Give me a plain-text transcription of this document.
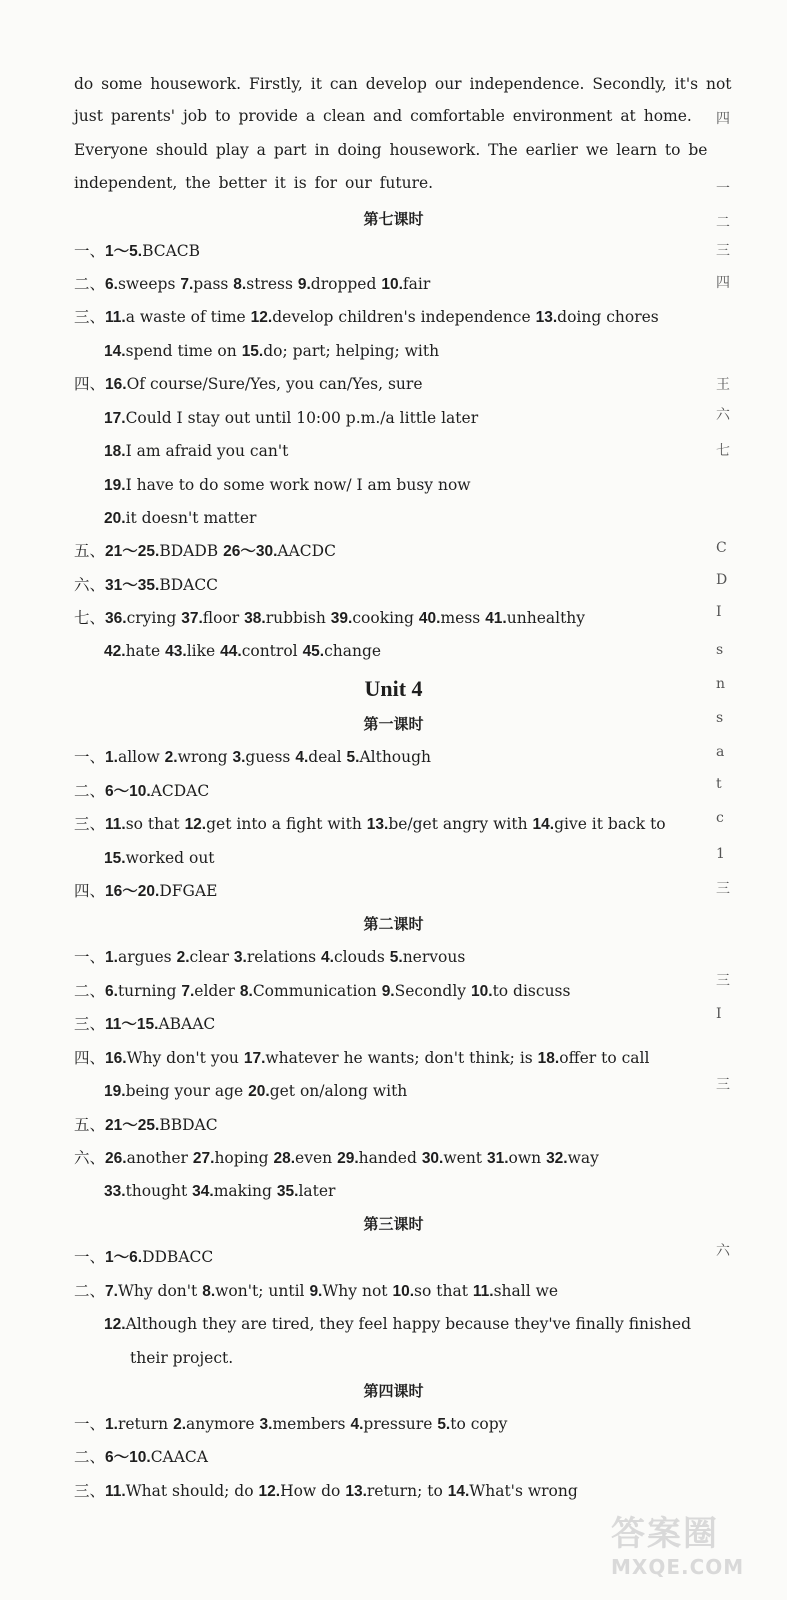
do some housework. Firstly, it can develop our independence. Secondly, it's not
just parents' job to provide a clean and comfortable environment at home.
Everyone should play a part in doing housework. The earlier we learn to be
independent, the better it is for our future.
第七课时
一、1～5.BCACB
二、6.sweeps 7.pass 8.stress 9.dropped 10.fair
三、11.a waste of time 12.develop children's independence 13.doing chores
14.spend time on 15.do; part; helping; with
四、16.Of course/Sure/Yes, you can/Yes, sure
17.Could I stay out until 10:00 p.m./a little later
18.I am afraid you can't
19.I have to do some work now/ I am busy now
20.it doesn't matter
五、21～25.BDADB 26～30.AACDC
六、31～35.BDACC
七、36.crying 37.floor 38.rubbish 39.cooking 40.mess 41.unhealthy
42.hate 43.like 44.control 45.change
Unit 4
第一课时
一、1.allow 2.wrong 3.guess 4.deal 5.Although
二、6～10.ACDAC
三、11.so that 12.get into a fight with 13.be/get angry with 14.give it back to
15.worked out
四、16～20.DFGAE
第二课时
一、1.argues 2.clear 3.relations 4.clouds 5.nervous
二、6.turning 7.elder 8.Communication 9.Secondly 10.to discuss
三、11～15.ABAAC
四、16.Why don't you 17.whatever he wants; don't think; is 18.offer to call
19.being your age 20.get on/along with
五、21～25.BBDAC
六、26.another 27.hoping 28.even 29.handed 30.went 31.own 32.way
33.thought 34.making 35.later
第三课时
一、1～6.DDBACC
二、7.Why don't 8.won't; until 9.Why not 10.so that 11.shall we
12.Although they are tired, they feel happy because they've finally finished
their project.
第四课时
一、1.return 2.anymore 3.members 4.pressure 5.to copy
二、6～10.CAACA
三、11.What should; do 12.How do 13.return; to 14.What's wrong
四
一
二
三
四
王
六
七
C
D
I
s
n
s
a
t
c
1
三
三
I
三
六
答案圈
MXQE.COM
